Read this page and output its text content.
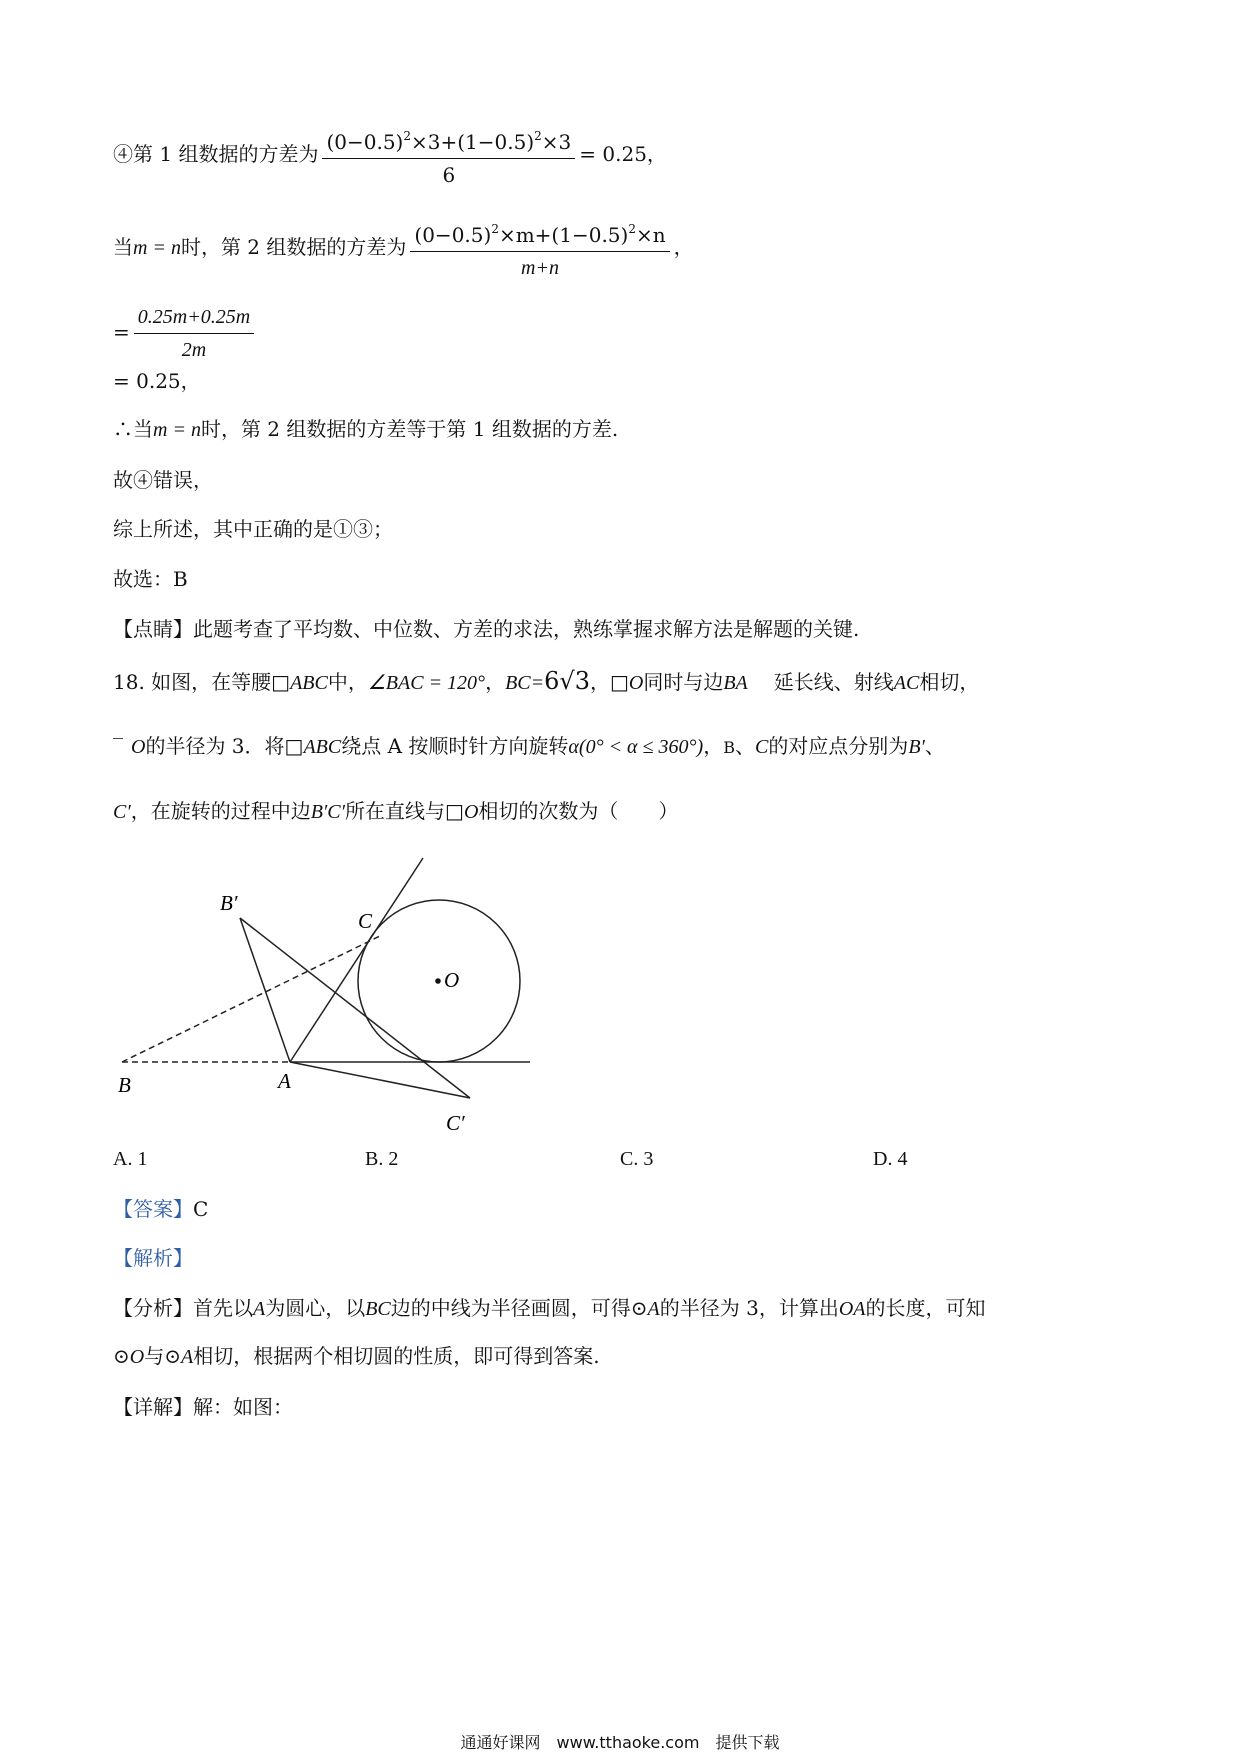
④第 1 组数据的方差为 $\frac{(0-0.5)^2\times 3+(1-0.5)^2\times 3}{6} = 0.25$，
当m = n时，第 2 组数据的方差为 $\frac{(0-0.5)^2\times m+(1-0.5)^2\times n}{m+n}$ ，
= $\frac{0.25m+0.25m}{2m}$
= 0.25，
∴当m = n时，第 2 组数据的方差等于第 1 组数据的方差.
故④错误，
综上所述，其中正确的是①③；
故选：B
【点睛】此题考查了平均数、中位数、方差的求法，熟练掌握求解方法是解题的关键.
18. 如图，在等腰□ABC中，∠BAC = 120°，BC=6√3，□O同时与边BA 延长线、射线AC相切，
‾ O的半径为 3．将□ABC绕点 A 按顺时针方向旋转α(0° < α ≤ 360°)，B、C的对应点分别为B′、
C′，在旋转的过程中边B′C′所在直线与□O相切的次数为（　　）
B	A
C
O
B′
C′
A. 1	B. 2	C. 3	D. 4
【答案】C
【解析】
【分析】首先以A为圆心，以BC边的中线为半径画圆，可得⊙A的半径为 3，计算出OA的长度，可知
⊙O与⊙A相切，根据两个相切圆的性质，即可得到答案.
【详解】解：如图：
通通好课网　www.tthaoke.com　提供下载
